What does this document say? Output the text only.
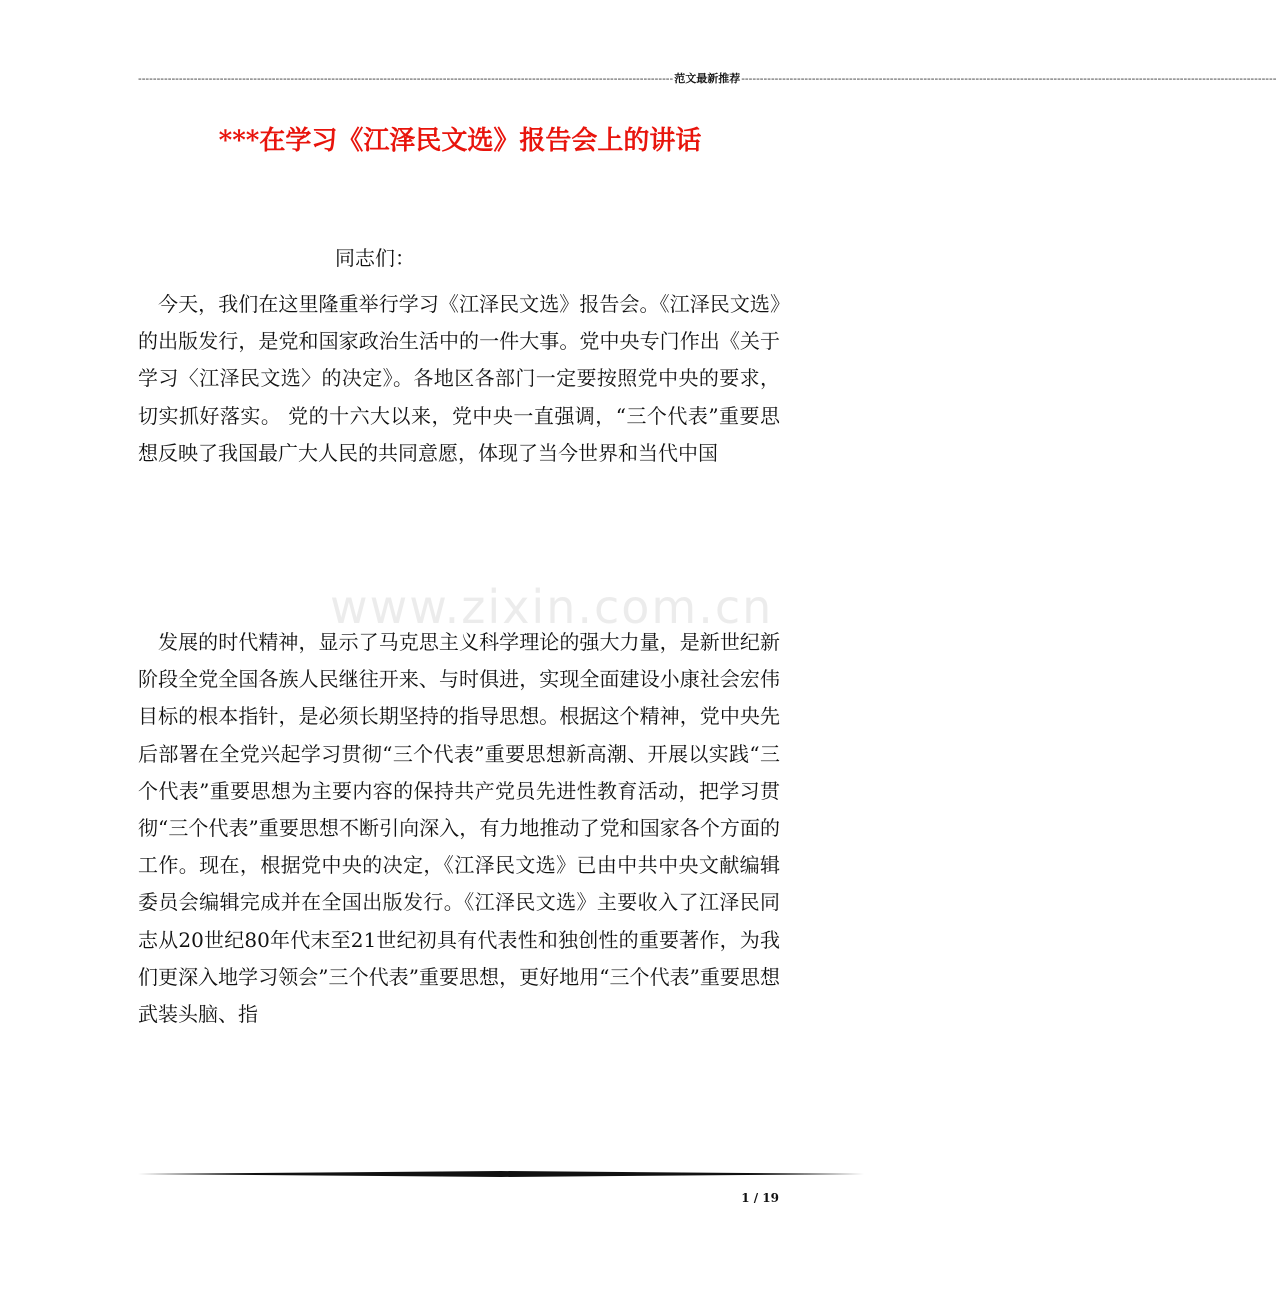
------------------------------------------------------------------------------------------------------------------------------------------------ 范文最新推荐 ------------------------------------------------------------------------------------------------------------------------------------------------
***在学习《江泽民文选》报告会上的讲话
同志们：

今天，我们在这里隆重举行学习《江泽民文选》报告会。《江泽民文选》的出版发行，是党和国家政治生活中的一件大事。党中央专门作出《关于学习〈江泽民文选〉的决定》。各地区各部门一定要按照党中央的要求，切实抓好落实。 党的十六大以来，党中央一直强调，“三个代表”重要思想反映了我国最广大人民的共同意愿，体现了当今世界和当代中国

www.zixin.com.cn

发展的时代精神，显示了马克思主义科学理论的强大力量，是新世纪新阶段全党全国各族人民继往开来、与时俱进，实现全面建设小康社会宏伟目标的根本指针，是必须长期坚持的指导思想。根据这个精神，党中央先后部署在全党兴起学习贯彻“三个代表”重要思想新高潮、开展以实践“三个代表”重要思想为主要内容的保持共产党员先进性教育活动，把学习贯彻“三个代表”重要思想不断引向深入，有力地推动了党和国家各个方面的工作。现在，根据党中央的决定，《江泽民文选》已由中共中央文献编辑委员会编辑完成并在全国出版发行。《江泽民文选》主要收入了江泽民同志从20世纪80年代末至21世纪初具有代表性和独创性的重要著作，为我们更深入地学习领会”三个代表”重要思想，更好地用“三个代表”重要思想武装头脑、指

1 / 19
